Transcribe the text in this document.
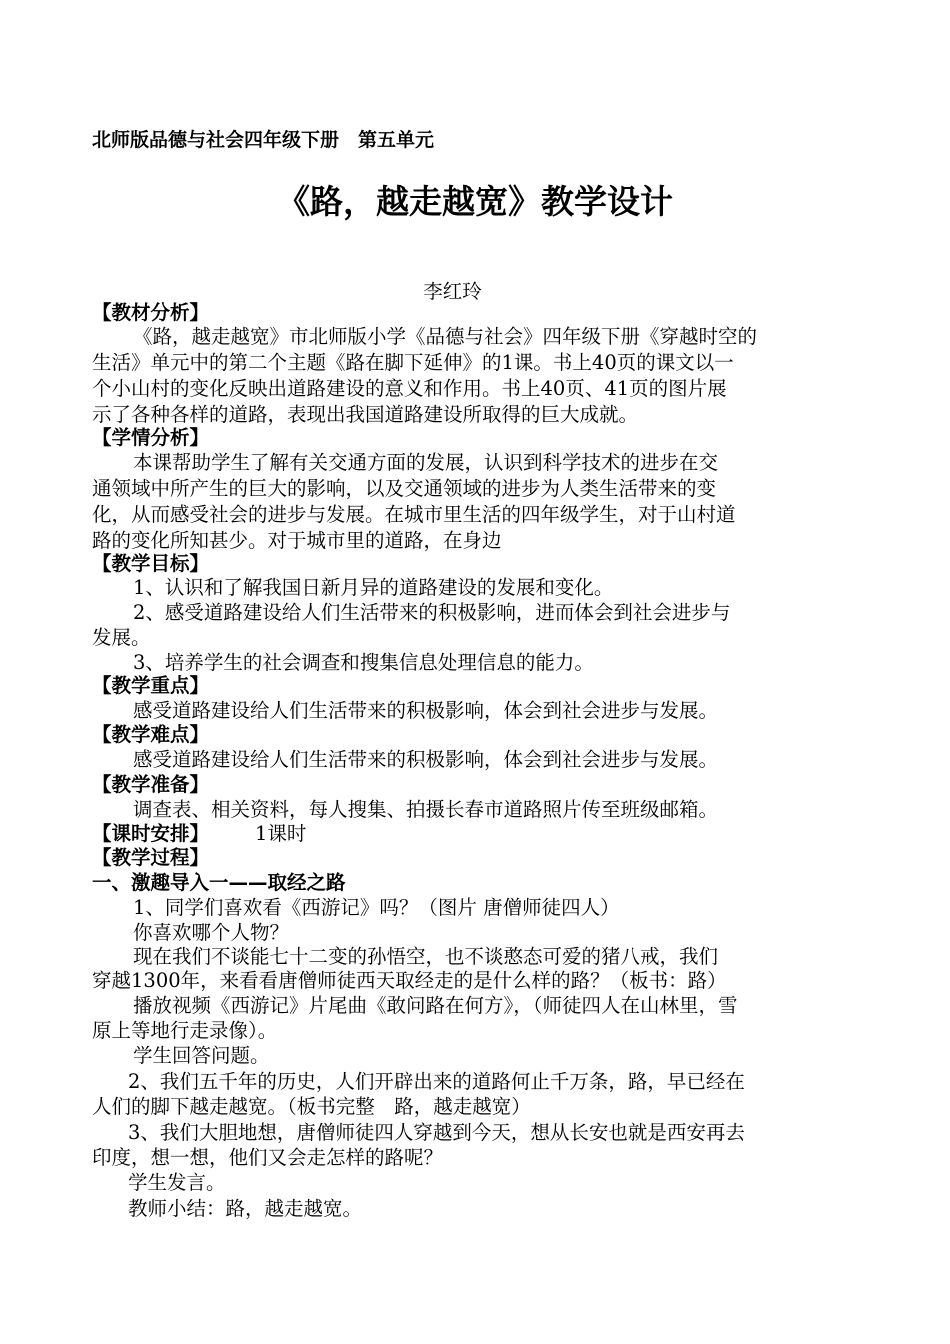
北师版品德与社会四年级下册　第五单元
《路，越走越宽》教学设计
李红玲
【教材分析】
《路，越走越宽》市北师版小学《品德与社会》四年级下册《穿越时空的
生活》单元中的第二个主题《路在脚下延伸》的1课。书上40页的课文以一
个小山村的变化反映出道路建设的意义和作用。书上40页、41页的图片展
示了各种各样的道路，表现出我国道路建设所取得的巨大成就。
【学情分析】
本课帮助学生了解有关交通方面的发展，认识到科学技术的进步在交
通领域中所产生的巨大的影响，以及交通领域的进步为人类生活带来的变
化，从而感受社会的进步与发展。在城市里生活的四年级学生，对于山村道
路的变化所知甚少。对于城市里的道路，在身边
【教学目标】
1、认识和了解我国日新月异的道路建设的发展和变化。
2、感受道路建设给人们生活带来的积极影响，进而体会到社会进步与
发展。
3、培养学生的社会调查和搜集信息处理信息的能力。
【教学重点】
感受道路建设给人们生活带来的积极影响，体会到社会进步与发展。
【教学难点】
感受道路建设给人们生活带来的积极影响，体会到社会进步与发展。
【教学准备】
调查表、相关资料，每人搜集、拍摄长春市道路照片传至班级邮箱。
【课时安排】 1课时
【教学过程】
一、激趣导入一——取经之路
1、同学们喜欢看《西游记》吗？（图片 唐僧师徒四人）
你喜欢哪个人物？
现在我们不谈能七十二变的孙悟空，也不谈憨态可爱的猪八戒，我们
穿越1300年，来看看唐僧师徒西天取经走的是什么样的路？（板书：路）
播放视频《西游记》片尾曲《敢问路在何方》，（师徒四人在山林里，雪
原上等地行走录像）。
学生回答问题。
2、我们五千年的历史，人们开辟出来的道路何止千万条，路，早已经在
人们的脚下越走越宽。（板书完整　路，越走越宽）
3、我们大胆地想，唐僧师徒四人穿越到今天，想从长安也就是西安再去
印度，想一想，他们又会走怎样的路呢？
学生发言。
教师小结：路，越走越宽。
